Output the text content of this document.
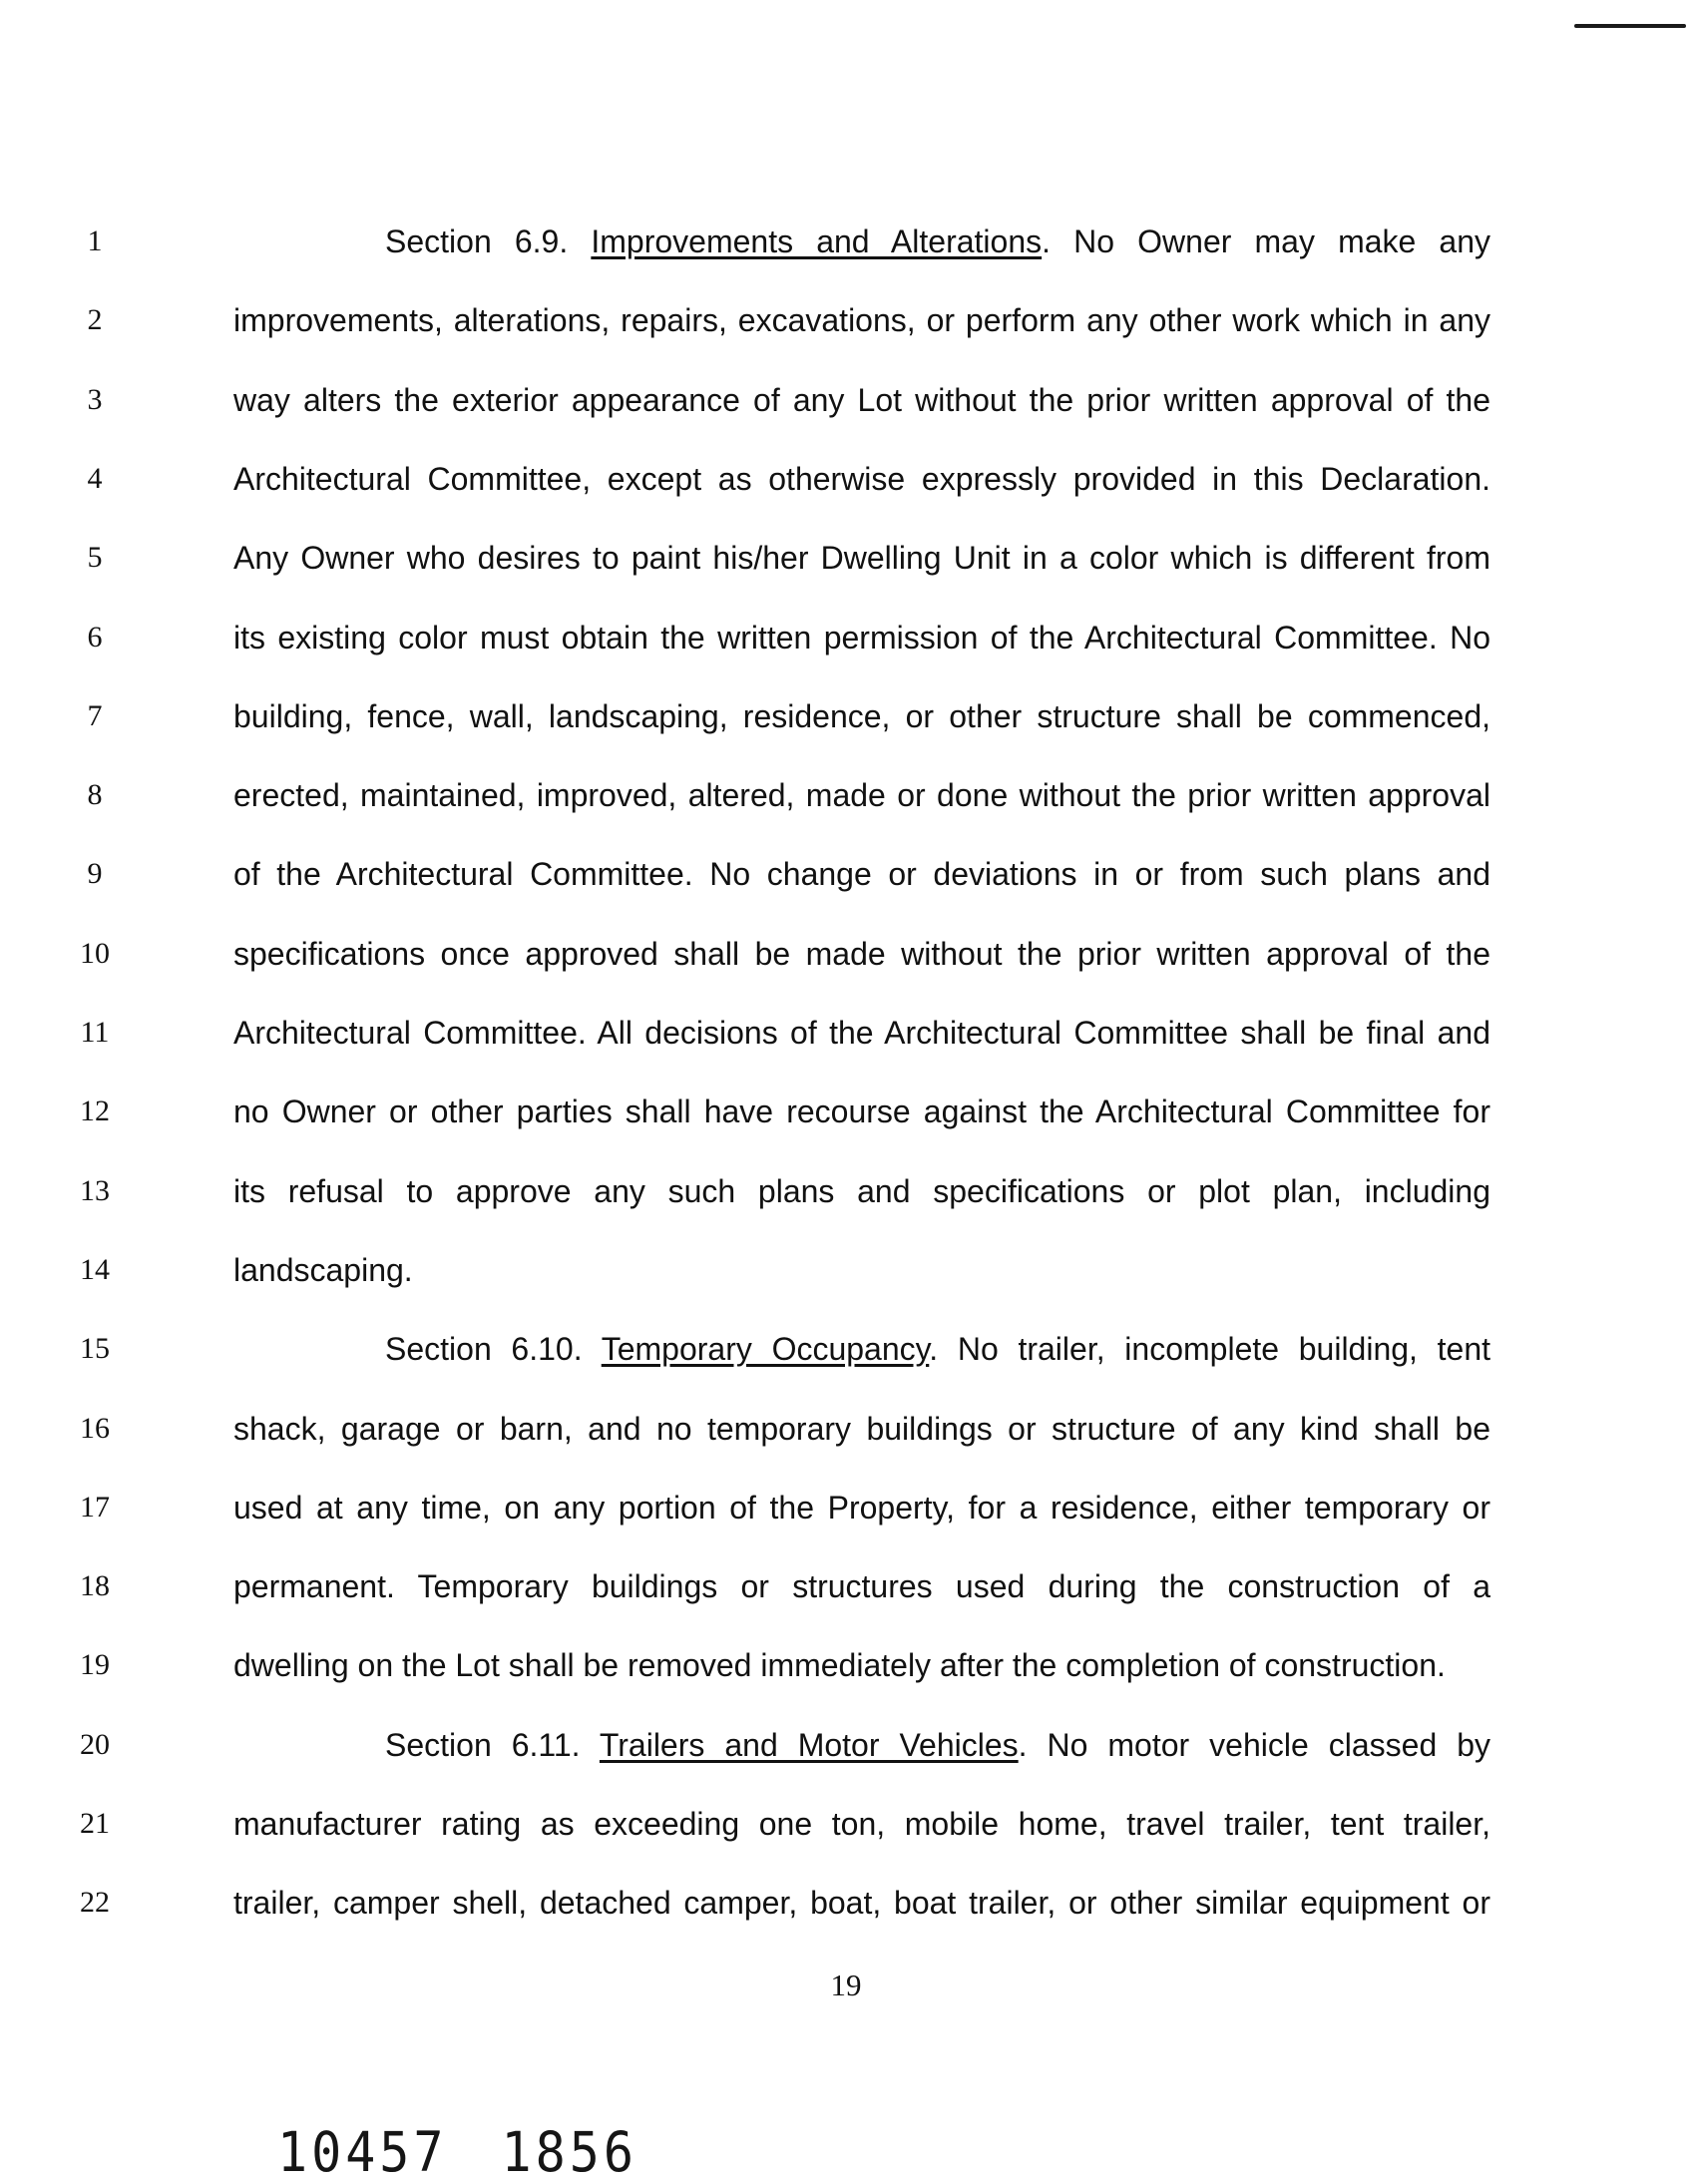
1	Section 6.9. Improvements and Alterations. No Owner may make any
2	improvements, alterations, repairs, excavations, or perform any other work which in any
3	way alters the exterior appearance of any Lot without the prior written approval of the
4	Architectural Committee, except as otherwise expressly provided in this Declaration.
5	Any Owner who desires to paint his/her Dwelling Unit in a color which is different from
6	its existing color must obtain the written permission of the Architectural Committee. No
7	building, fence, wall, landscaping, residence, or other structure shall be commenced,
8	erected, maintained, improved, altered, made or done without the prior written approval
9	of the Architectural Committee. No change or deviations in or from such plans and
10	specifications once approved shall be made without the prior written approval of the
11	Architectural Committee. All decisions of the Architectural Committee shall be final and
12	no Owner or other parties shall have recourse against the Architectural Committee for
13	its refusal to approve any such plans and specifications or plot plan, including
14	landscaping.
15	Section 6.10. Temporary Occupancy. No trailer, incomplete building, tent
16	shack, garage or barn, and no temporary buildings or structure of any kind shall be
17	used at any time, on any portion of the Property, for a residence, either temporary or
18	permanent. Temporary buildings or structures used during the construction of a
19	dwelling on the Lot shall be removed immediately after the completion of construction.
20	Section 6.11. Trailers and Motor Vehicles. No motor vehicle classed by
21	manufacturer rating as exceeding one ton, mobile home, travel trailer, tent trailer,
22	trailer, camper shell, detached camper, boat, boat trailer, or other similar equipment or
19
10457 1856
